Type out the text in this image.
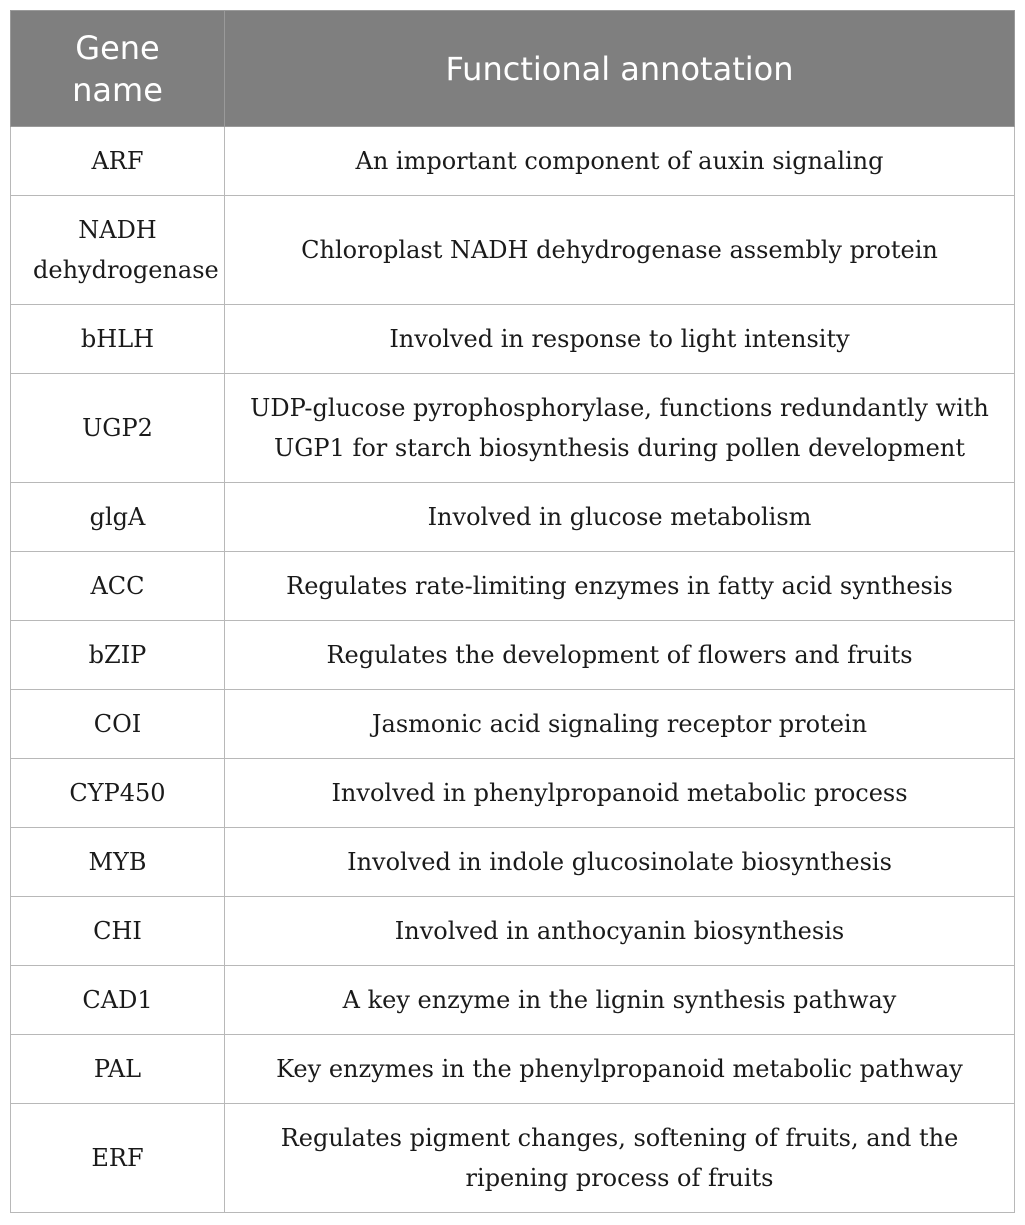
Gene name	Functional annotation
ARF	An important component of auxin signaling
NADH dehydrogenase	Chloroplast NADH dehydrogenase assembly protein
bHLH	Involved in response to light intensity
UGP2	UDP-glucose pyrophosphorylase, functions redundantly with UGP1 for starch biosynthesis during pollen development
glgA	Involved in glucose metabolism
ACC	Regulates rate-limiting enzymes in fatty acid synthesis
bZIP	Regulates the development of flowers and fruits
COI	Jasmonic acid signaling receptor protein
CYP450	Involved in phenylpropanoid metabolic process
MYB	Involved in indole glucosinolate biosynthesis
CHI	Involved in anthocyanin biosynthesis
CAD1	A key enzyme in the lignin synthesis pathway
PAL	Key enzymes in the phenylpropanoid metabolic pathway
ERF	Regulates pigment changes, softening of fruits, and the ripening process of fruits
